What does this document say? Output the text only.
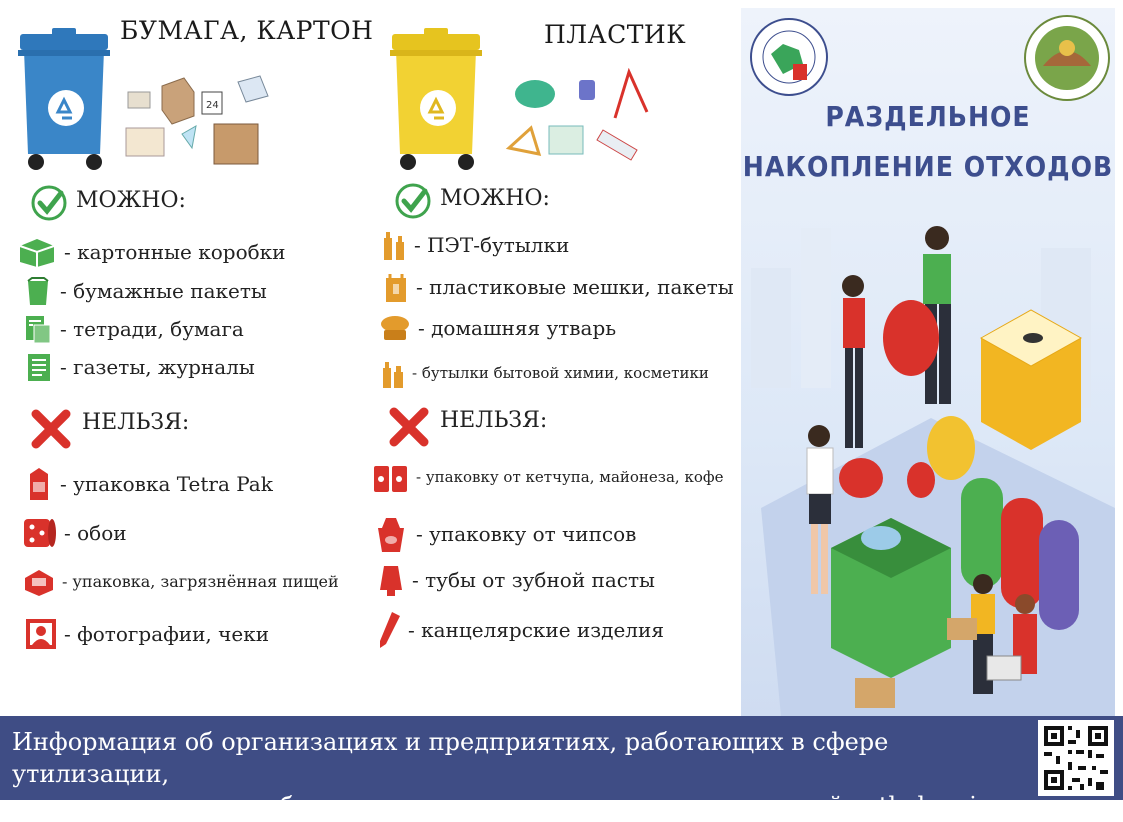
БУМАГА, КАРТОН
24
МОЖНО:
- картонные коробки
- бумажные пакеты
- тетради, бумага
- газеты, журналы
НЕЛЬЗЯ:
- упаковка Tetra Pak
- обои
- упаковка, загрязнённая пищей
- фотографии, чеки
ПЛАСТИК
МОЖНО:
- ПЭТ-бутылки
- пластиковые мешки, пакеты
- домашняя утварь
- бутылки бытовой химии, косметики
НЕЛЬЗЯ:
- упаковку от кетчупа, майонеза, кофе
- упаковку от чипсов
- тубы от зубной пасты
- канцелярские изделия
РАЗДЕЛЬНОЕ
НАКОПЛЕНИЕ ОТХОДОВ
Информация об организациях и предприятиях, работающих в сфере утилизации,
сортировки и переработки отходов и вторсырья, доступна на сайте tkokomi.ru
